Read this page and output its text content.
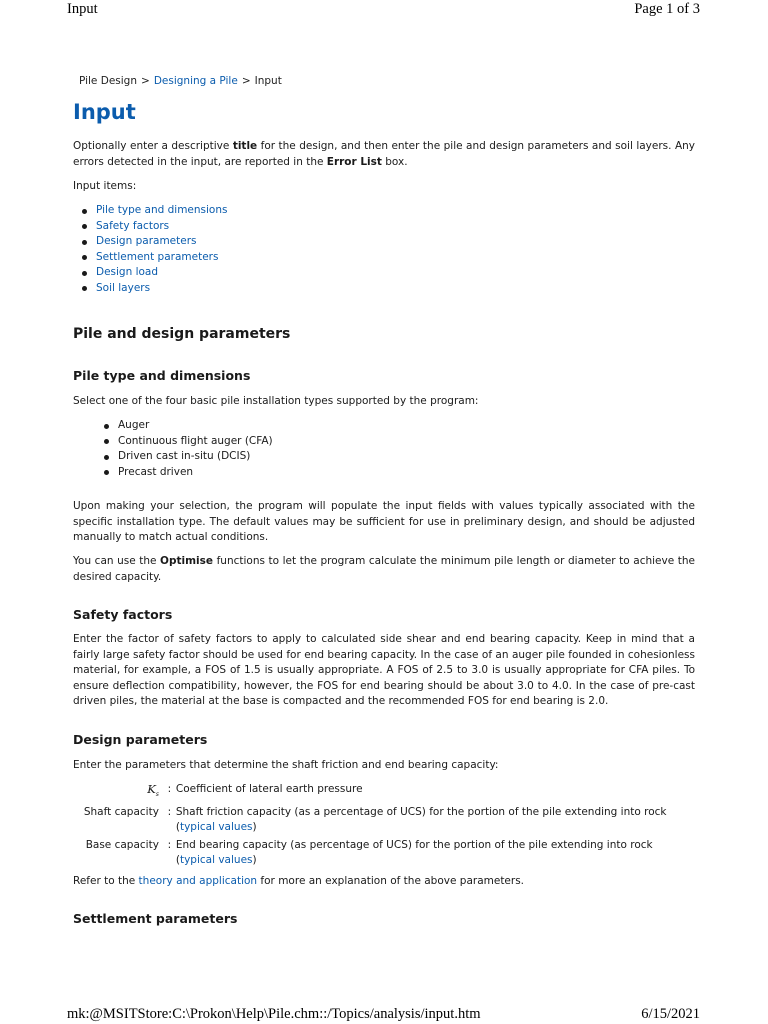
Input	Page 1 of 3
Pile Design > Designing a Pile > Input
Input

Optionally enter a descriptive title for the design, and then enter the pile and design parameters and soil layers. Any errors detected in the input, are reported in the Error List box.

Input items:

Pile type and dimensions
Safety factors
Design parameters
Settlement parameters
Design load
Soil layers
Pile and design parameters
Pile type and dimensions

Select one of the four basic pile installation types supported by the program:

Auger
Continuous flight auger (CFA)
Driven cast in-situ (DCIS)
Precast driven

Upon making your selection, the program will populate the input fields with values typically associated with the specific installation type. The default values may be sufficient for use in preliminary design, and should be adjusted manually to match actual conditions.

You can use the Optimise functions to let the program calculate the minimum pile length or diameter to achieve the desired capacity.

Safety factors

Enter the factor of safety factors to apply to calculated side shear and end bearing capacity. Keep in mind that a fairly large safety factor should be used for end bearing capacity. In the case of an auger pile founded in cohesionless material, for example, a FOS of 1.5 is usually appropriate. A FOS of 2.5 to 3.0 is usually appropriate for CFA piles. To ensure deflection compatibility, however, the FOS for end bearing should be about 3.0 to 4.0. In the case of pre-cast driven piles, the material at the base is compacted and the recommended FOS for end bearing is 2.0.

Design parameters

Enter the parameters that determine the shaft friction and end bearing capacity:

$K_s$	:	Coefficient of lateral earth pressure
Shaft capacity	:	Shaft friction capacity (as a percentage of UCS) for the portion of the pile extending into rock (typical values)
Base capacity	:	End bearing capacity (as percentage of UCS) for the portion of the pile extending into rock (typical values)

Refer to the theory and application for more an explanation of the above parameters.

Settlement parameters
mk:@MSITStore:C:\Prokon\Help\Pile.chm::/Topics/analysis/input.htm	6/15/2021
